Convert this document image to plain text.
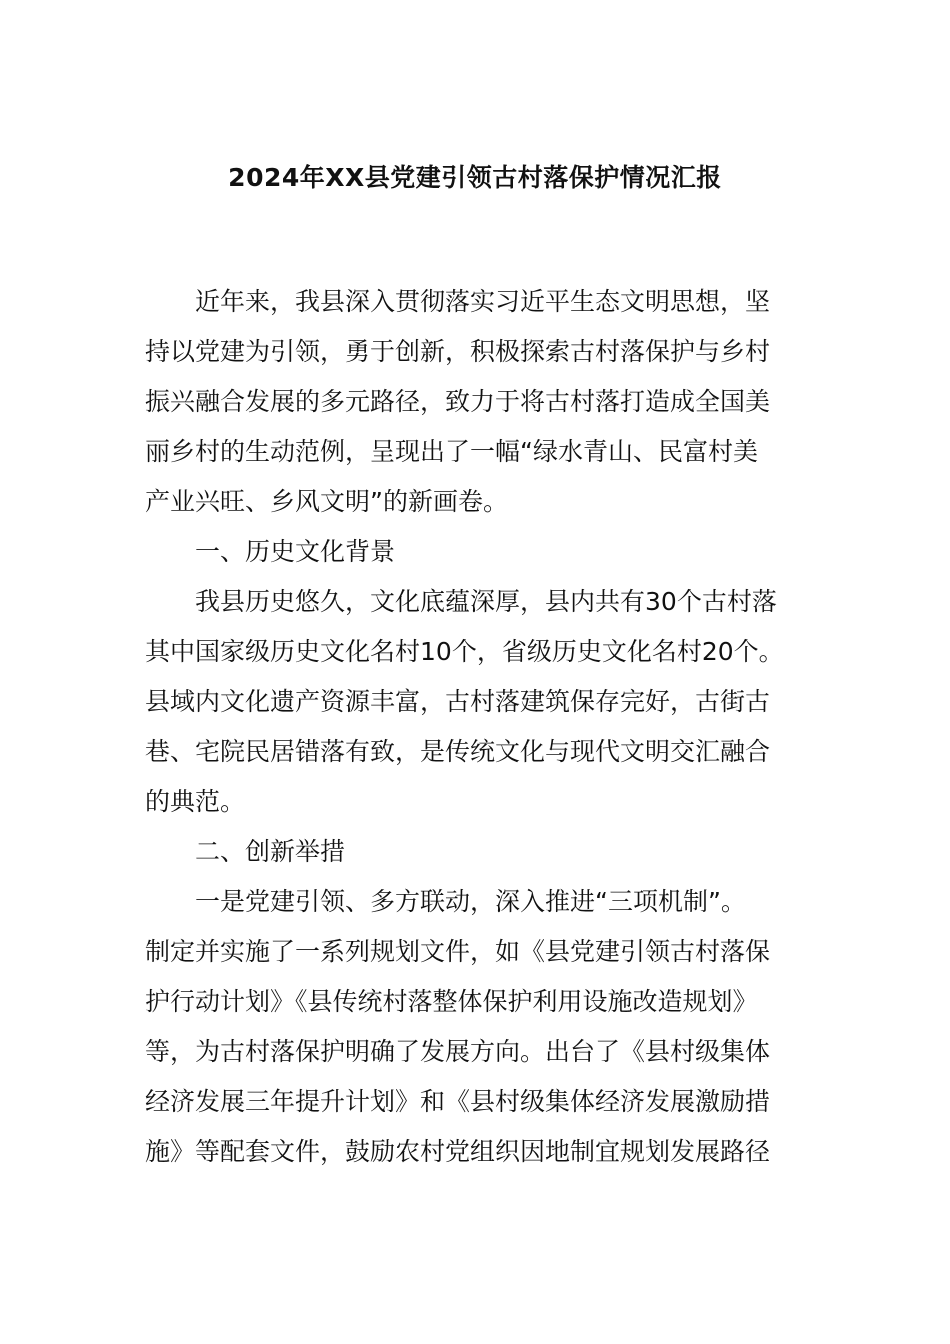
2024年XX县党建引领古村落保护情况汇报
近年来，我县深入贯彻落实习近平生态文明思想，坚
持以党建为引领，勇于创新，积极探索古村落保护与乡村
振兴融合发展的多元路径，致力于将古村落打造成全国美
丽乡村的生动范例，呈现出了一幅“绿水青山、民富村美
产业兴旺、乡风文明”的新画卷。
一、历史文化背景
我县历史悠久，文化底蕴深厚，县内共有30个古村落
其中国家级历史文化名村10个，省级历史文化名村20个。
县域内文化遗产资源丰富，古村落建筑保存完好，古街古
巷、宅院民居错落有致，是传统文化与现代文明交汇融合
的典范。
二、创新举措
一是党建引领、多方联动，深入推进“三项机制”。
制定并实施了一系列规划文件，如《县党建引领古村落保
护行动计划》《县传统村落整体保护利用设施改造规划》
等，为古村落保护明确了发展方向。出台了《县村级集体
经济发展三年提升计划》和《县村级集体经济发展激励措
施》等配套文件，鼓励农村党组织因地制宜规划发展路径
